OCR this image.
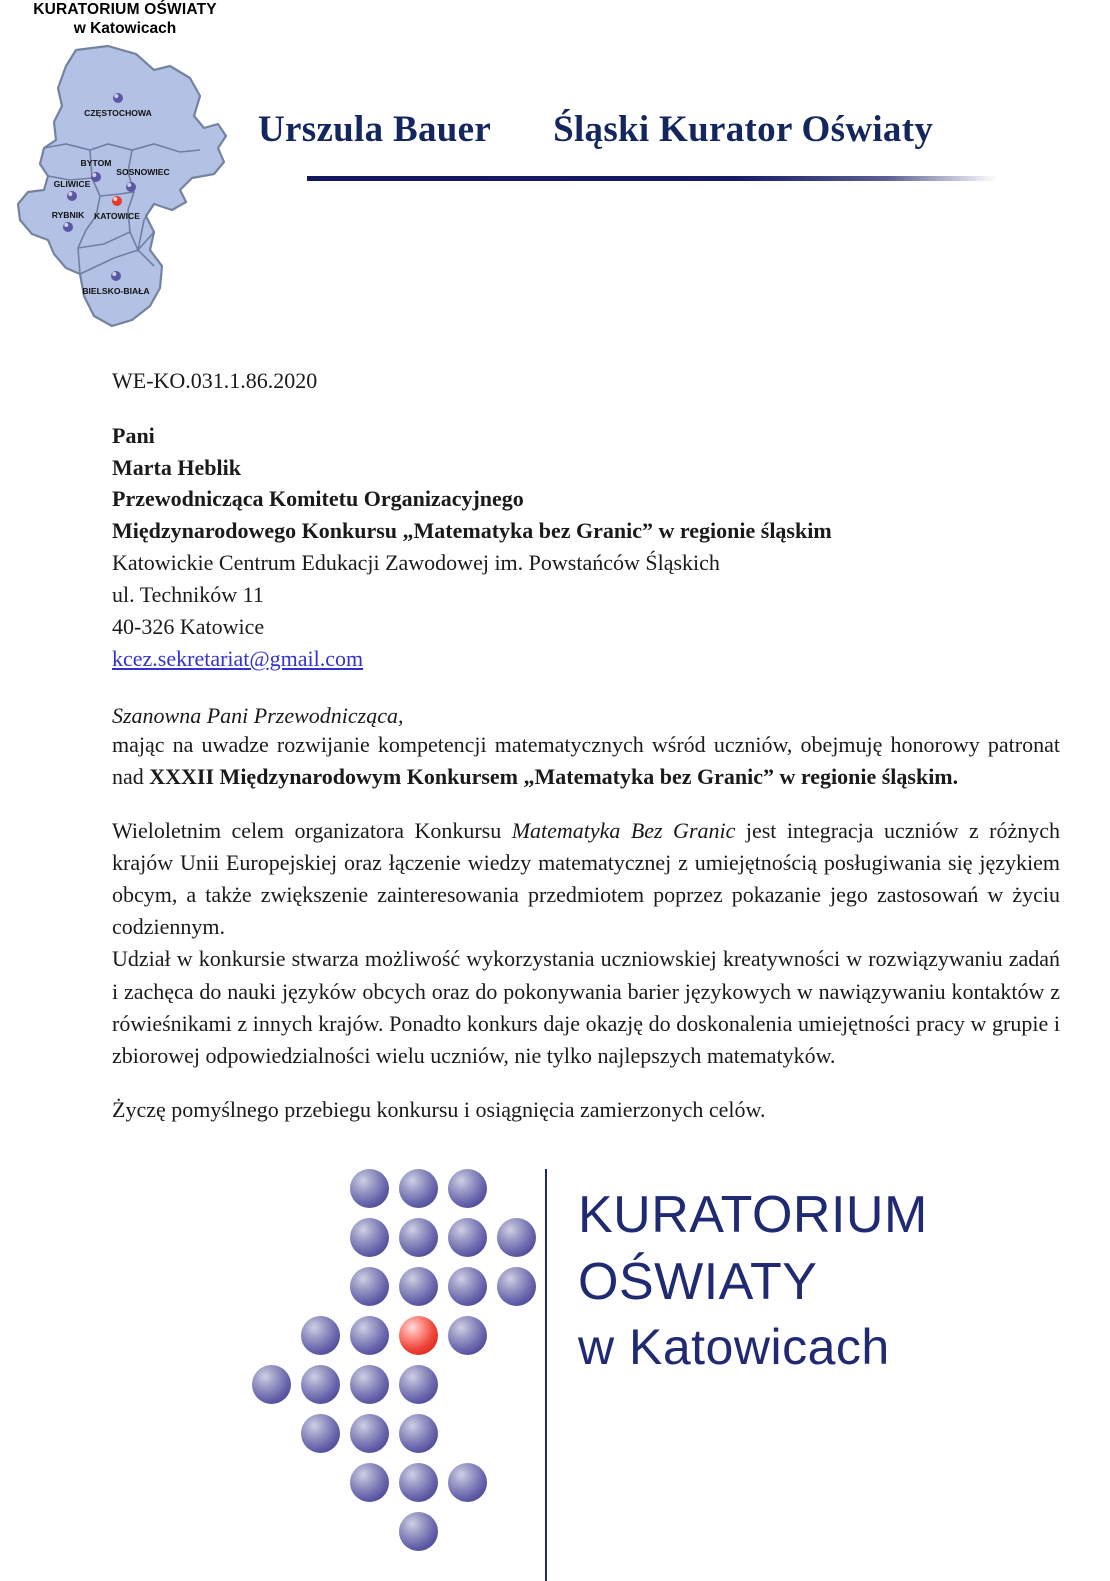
KURATORIUM OŚWIATY
w Katowicach
CZĘSTOCHOWA
BYTOM
SOSNOWIEC
GLIWICE
KATOWICE
RYBNIK
BIELSKO-BIAŁA
Urszula Bauer Śląski Kurator Oświaty
WE-KO.031.1.86.2020
Pani
Marta Heblik
Przewodnicząca Komitetu Organizacyjnego
Międzynarodowego Konkursu „Matematyka bez Granic” w regionie śląskim
Katowickie Centrum Edukacji Zawodowej im. Powstańców Śląskich
ul. Techników 11
40-326 Katowice
kcez.sekretariat@gmail.com
Szanowna Pani Przewodnicząca,
mając na uwadze rozwijanie kompetencji matematycznych wśród uczniów, obejmuję honorowy patronat nad XXXII Międzynarodowym Konkursem „Matematyka bez Granic” w regionie śląskim.
Wieloletnim celem organizatora Konkursu Matematyka Bez Granic jest integracja uczniów z różnych krajów Unii Europejskiej oraz łączenie wiedzy matematycznej z umiejętnością posługiwania się językiem obcym, a także zwiększenie zainteresowania przedmiotem poprzez pokazanie jego zastosowań w życiu codziennym.
Udział w konkursie stwarza możliwość wykorzystania uczniowskiej kreatywności w rozwiązywaniu zadań i zachęca do nauki języków obcych oraz do pokonywania barier językowych w nawiązywaniu kontaktów z rówieśnikami z innych krajów. Ponadto konkurs daje okazję do doskonalenia umiejętności pracy w grupie i zbiorowej odpowiedzialności wielu uczniów, nie tylko najlepszych matematyków.
Życzę pomyślnego przebiegu konkursu i osiągnięcia zamierzonych celów.
KURATORIUM
OŚWIATY
w Katowicach
